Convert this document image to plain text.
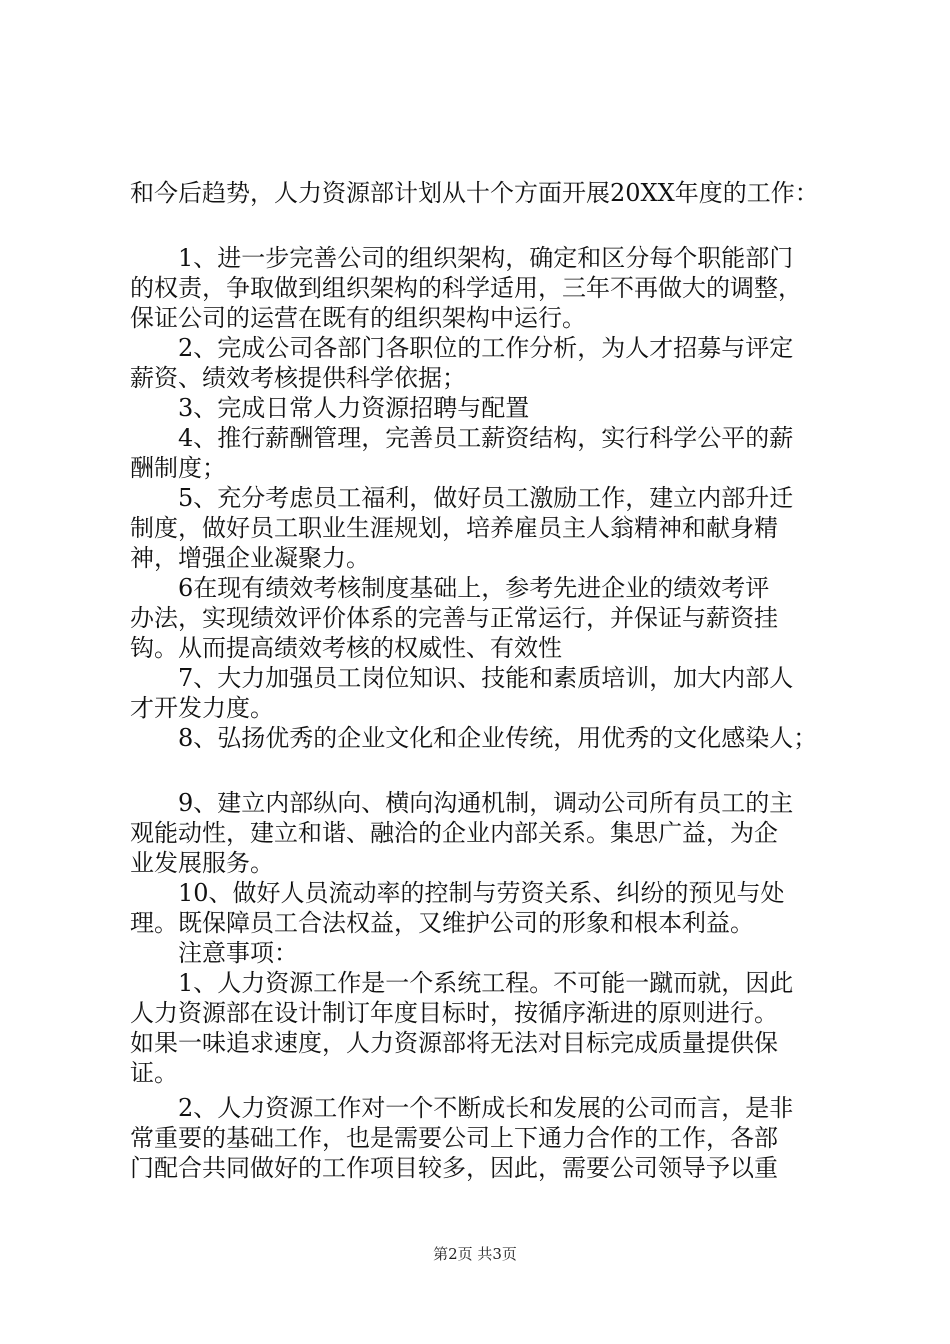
和今后趋势，人力资源部计划从十个方面开展20XX年度的工作：
1、进一步完善公司的组织架构，确定和区分每个职能部门
的权责，争取做到组织架构的科学适用，三年不再做大的调整，
保证公司的运营在既有的组织架构中运行。
2、完成公司各部门各职位的工作分析，为人才招募与评定
薪资、绩效考核提供科学依据；
3、完成日常人力资源招聘与配置
4、推行薪酬管理，完善员工薪资结构，实行科学公平的薪
酬制度；
5、充分考虑员工福利，做好员工激励工作，建立内部升迁
制度，做好员工职业生涯规划，培养雇员主人翁精神和献身精
神，增强企业凝聚力。
6在现有绩效考核制度基础上，参考先进企业的绩效考评
办法，实现绩效评价体系的完善与正常运行，并保证与薪资挂
钩。从而提高绩效考核的权威性、有效性
7、大力加强员工岗位知识、技能和素质培训，加大内部人
才开发力度。
8、弘扬优秀的企业文化和企业传统，用优秀的文化感染人；
9、建立内部纵向、横向沟通机制，调动公司所有员工的主
观能动性，建立和谐、融洽的企业内部关系。集思广益，为企
业发展服务。
10、做好人员流动率的控制与劳资关系、纠纷的预见与处
理。既保障员工合法权益，又维护公司的形象和根本利益。
注意事项：
1、人力资源工作是一个系统工程。不可能一蹴而就，因此
人力资源部在设计制订年度目标时，按循序渐进的原则进行。
如果一味追求速度，人力资源部将无法对目标完成质量提供保
证。
2、人力资源工作对一个不断成长和发展的公司而言，是非
常重要的基础工作，也是需要公司上下通力合作的工作，各部
门配合共同做好的工作项目较多，因此，需要公司领导予以重
第2页 共3页
